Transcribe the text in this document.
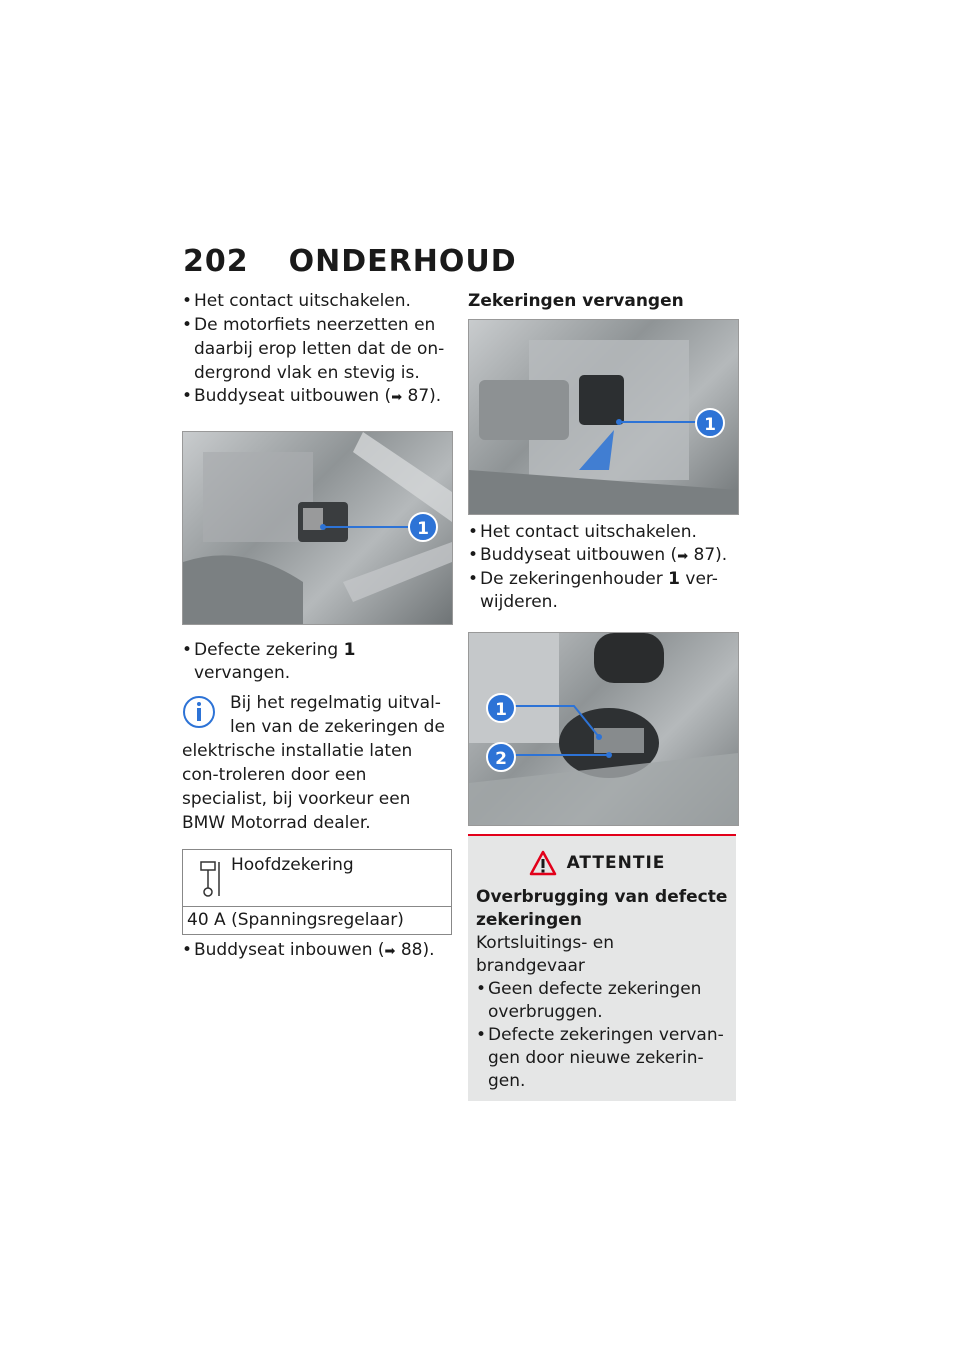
202 ONDERHOUD

• Het contact uitschakelen.

• De motorfiets neerzetten en daarbij erop letten dat de on-dergrond vlak en stevig is.

• Buddyseat uitbouwen (➡ 87).

1

• Defecte zekering 1 vervangen.

Bij het regelmatig uitval-len van de zekeringen de
elektrische installatie laten con-troleren door een specialist, bij voorkeur een BMW Motorrad dealer.
Hoofdzekering
40 A (Spanningsregelaar)

• Buddyseat inbouwen (➡ 88).

Zekeringen vervangen
1

• Het contact uitschakelen.

• Buddyseat uitbouwen (➡ 87).

• De zekeringenhouder 1 ver-wijderen.

1
2
ATTENTIE
Overbrugging van defecte zekeringen
Kortsluitings- en brandgevaar

• Geen defecte zekeringen overbruggen.

• Defecte zekeringen vervan-gen door nieuwe zekerin-gen.
